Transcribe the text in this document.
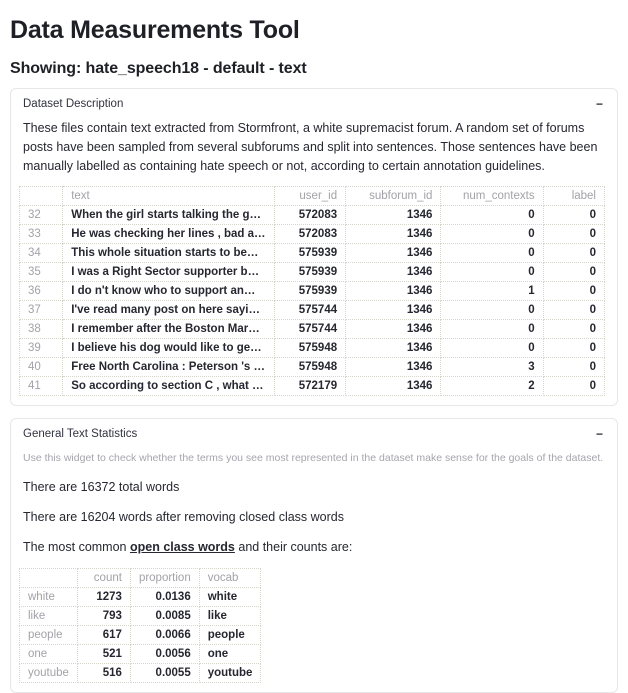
Data Measurements Tool
Showing: hate_speech18 - default - text
Dataset Description	−

These files contain text extracted from Stormfront, a white supremacist forum. A random set of forums posts have been sampled from several subforums and split into sentences. Those sentences have been manually labelled as containing hate speech or not, according to certain annotation guidelines.

	text	user_id	subforum_id	num_contexts	label
32	When the girl starts talking the g…	572083	1346	0	0
33	He was checking her lines , bad a…	572083	1346	0	0
34	This whole situation starts to be…	575939	1346	0	0
35	I was a Right Sector supporter b…	575939	1346	0	0
36	I do n't know who to support an…	575939	1346	1	0
37	I've read many post on here sayi…	575744	1346	0	0
38	I remember after the Boston Mar…	575744	1346	0	0
39	I believe his dog would like to ge…	575948	1346	0	0
40	Free North Carolina : Peterson 's …	575948	1346	3	0
41	So according to section C , what …	572179	1346	2	0
General Text Statistics	−

Use this widget to check whether the terms you see most represented in the dataset make sense for the goals of the dataset.

There are 16372 total words

There are 16204 words after removing closed class words

The most common open class words and their counts are:

	count	proportion	vocab
white	1273	0.0136	white
like	793	0.0085	like
people	617	0.0066	people
one	521	0.0056	one
youtube	516	0.0055	youtube
